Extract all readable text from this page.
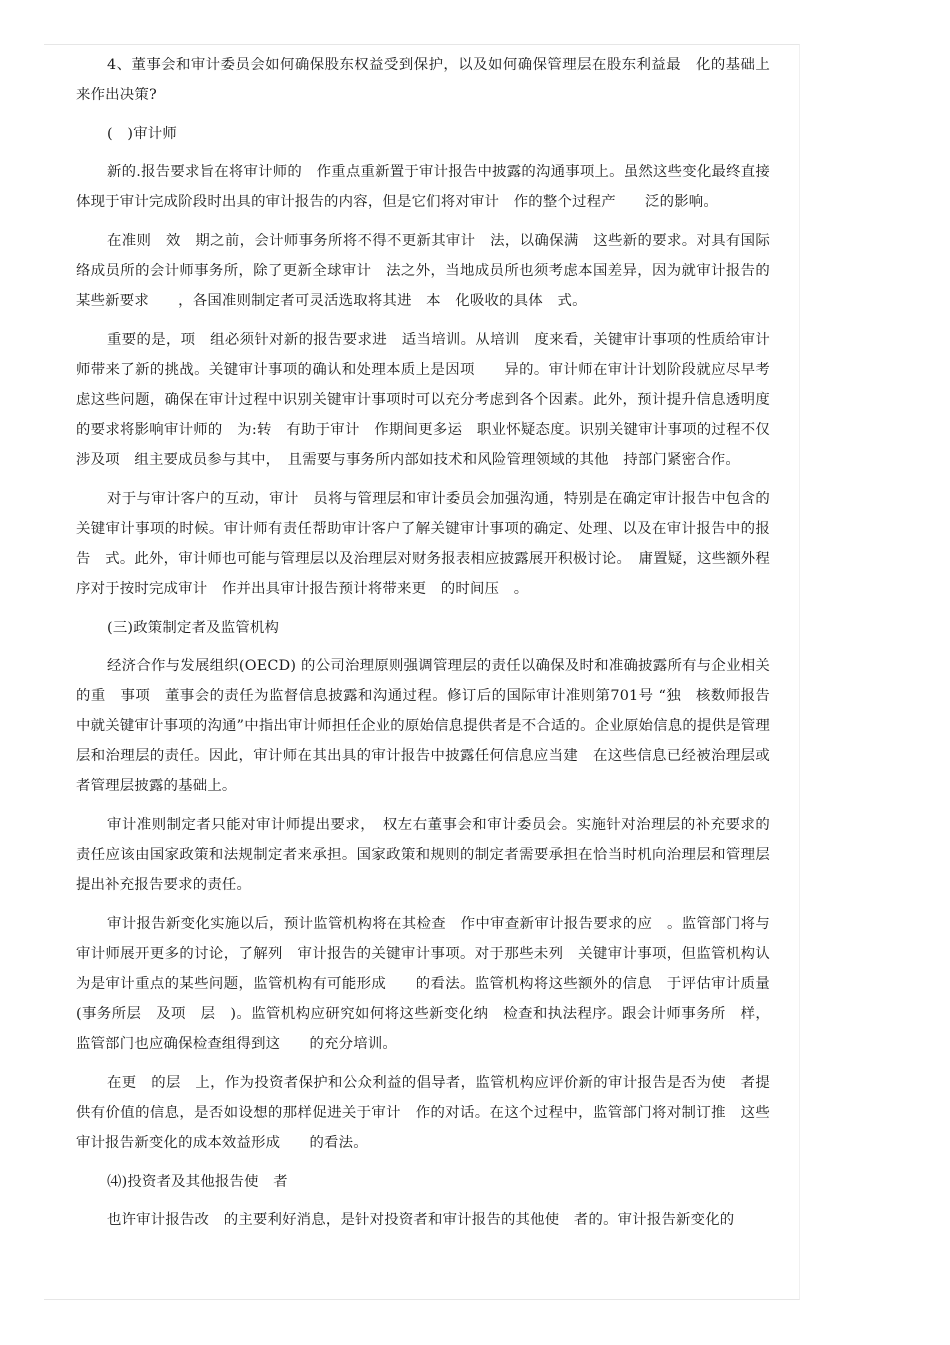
4、董事会和审计委员会如何确保股东权益受到保护，以及如何确保管理层在股东利益最　化的基础上来作出决策?

(　)审计师

新的.报告要求旨在将审计师的　作重点重新置于审计报告中披露的沟通事项上。虽然这些变化最终直接体现于审计完成阶段时出具的审计报告的内容，但是它们将对审计　作的整个过程产　　泛的影响。

在准则　效　期之前，会计师事务所将不得不更新其审计　法，以确保满　这些新的要求。对具有国际　络成员所的会计师事务所，除了更新全球审计　法之外，当地成员所也须考虑本国差异，因为就审计报告的某些新要求　　，各国准则制定者可灵活选取将其进　本　化吸收的具体　式。

重要的是，项　组必须针对新的报告要求进　适当培训。从培训　度来看，关键审计事项的性质给审计师带来了新的挑战。关键审计事项的确认和处理本质上是因项　　异的。审计师在审计计划阶段就应尽早考虑这些问题，确保在审计过程中识别关键审计事项时可以充分考虑到各个因素。此外，预计提升信息透明度的要求将影响审计师的　为:转　有助于审计　作期间更多运　职业怀疑态度。识别关键审计事项的过程不仅涉及项　组主要成员参与其中，　且需要与事务所内部如技术和风险管理领域的其他　持部门紧密合作。

对于与审计客户的互动，审计　员将与管理层和审计委员会加强沟通，特别是在确定审计报告中包含的关键审计事项的时候。审计师有责任帮助审计客户了解关键审计事项的确定、处理、以及在审计报告中的报告　式。此外，审计师也可能与管理层以及治理层对财务报表相应披露展开积极讨论。　庸置疑，这些额外程序对于按时完成审计　作并出具审计报告预计将带来更　的时间压　。

(三)政策制定者及监管机构

经济合作与发展组织(OECD) 的公司治理原则强调管理层的责任以确保及时和准确披露所有与企业相关的重　事项　董事会的责任为监督信息披露和沟通过程。修订后的国际审计准则第701号 “独　核数师报告中就关键审计事项的沟通”中指出审计师担任企业的原始信息提供者是不合适的。企业原始信息的提供是管理层和治理层的责任。因此，审计师在其出具的审计报告中披露任何信息应当建　在这些信息已经被治理层或者管理层披露的基础上。

审计准则制定者只能对审计师提出要求，　权左右董事会和审计委员会。实施针对治理层的补充要求的责任应该由国家政策和法规制定者来承担。国家政策和规则的制定者需要承担在恰当时机向治理层和管理层提出补充报告要求的责任。

审计报告新变化实施以后，预计监管机构将在其检查　作中审查新审计报告要求的应　。监管部门将与审计师展开更多的讨论，了解列　审计报告的关键审计事项。对于那些未列　关键审计事项，但监管机构认为是审计重点的某些问题，监管机构有可能形成　　的看法。监管机构将这些额外的信息　于评估审计质量(事务所层　及项　层　)。监管机构应研究如何将这些新变化纳　检查和执法程序。跟会计师事务所　样，监管部门也应确保检查组得到这　　的充分培训。

在更　的层　上，作为投资者保护和公众利益的倡导者，监管机构应评价新的审计报告是否为使　者提供有价值的信息，是否如设想的那样促进关于审计　作的对话。在这个过程中，监管部门将对制订推　这些审计报告新变化的成本效益形成　　的看法。

⑷)投资者及其他报告使　者

也许审计报告改　的主要利好消息，是针对投资者和审计报告的其他使　者的。审计报告新变化的
